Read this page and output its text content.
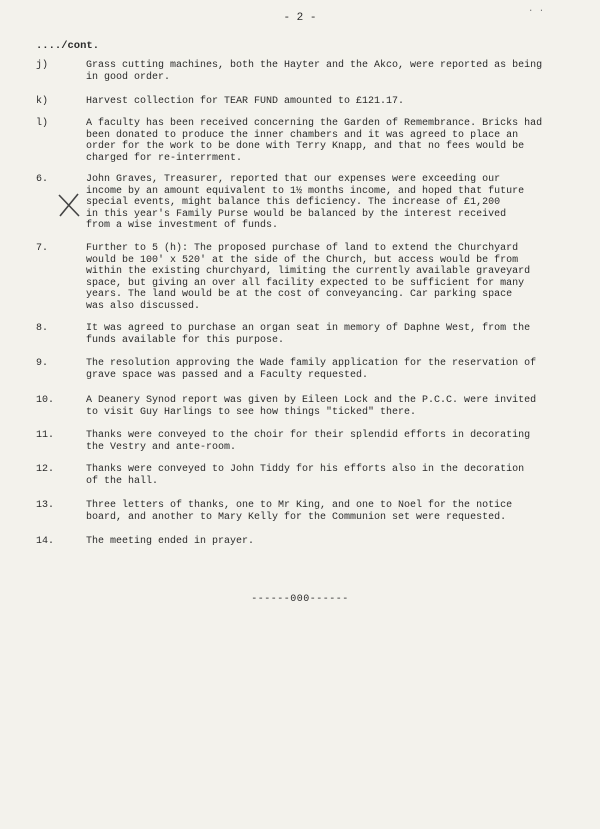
- 2 -
· ·
..../cont.
j)	Grass cutting machines, both the Hayter and the Akco, were reported as being
in good order.
k)	Harvest collection for TEAR FUND amounted to £121.17.
l)	A faculty has been received concerning the Garden of Remembrance. Bricks had
been donated to produce the inner chambers and it was agreed to place an
order for the work to be done with Terry Knapp, and that no fees would be
charged for re-interrment.
6.	John Graves, Treasurer, reported that our expenses were exceeding our
income by an amount equivalent to 1½ months income, and hoped that future
special events, might balance this deficiency. The increase of £1,200
in this year's Family Purse would be balanced by the interest received
from a wise investment of funds.
7.	Further to 5 (h): The proposed purchase of land to extend the Churchyard
would be 100' x 520' at the side of the Church, but access would be from
within the existing churchyard, limiting the currently available graveyard
space, but giving an over all facility expected to be sufficient for many
years. The land would be at the cost of conveyancing. Car parking space
was also discussed.
8.	It was agreed to purchase an organ seat in memory of Daphne West, from the
funds available for this purpose.
9.	The resolution approving the Wade family application for the reservation of
grave space was passed and a Faculty requested.
10.	A Deanery Synod report was given by Eileen Lock and the P.C.C. were invited
to visit Guy Harlings to see how things "ticked" there.
11.	Thanks were conveyed to the choir for their splendid efforts in decorating
the Vestry and ante-room.
12.	Thanks were conveyed to John Tiddy for his efforts also in the decoration
of the hall.
13.	Three letters of thanks, one to Mr King, and one to Noel for the notice
board, and another to Mary Kelly for the Communion set were requested.
14.	The meeting ended in prayer.
------000------
